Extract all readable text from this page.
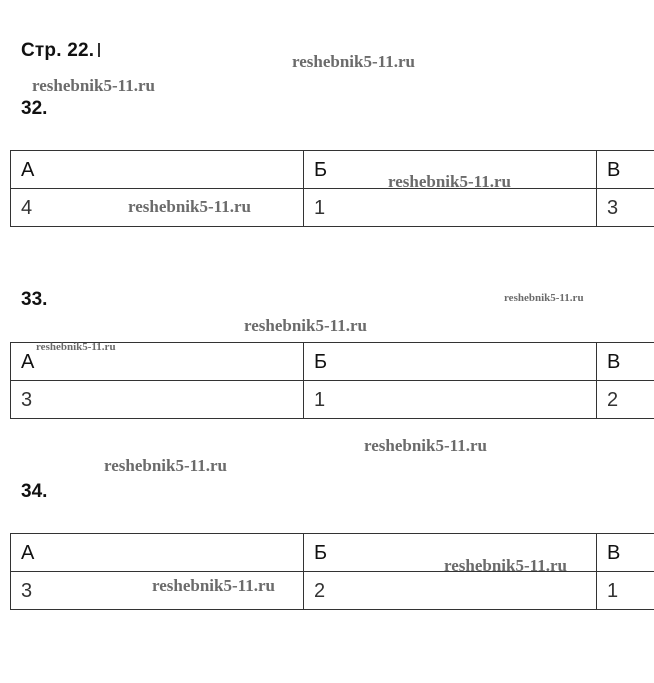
Стр. 22.
32.
А	Б	В
4	1	3
33.
А	Б	В
3	1	2
34.
А	Б	В
3	2	1
reshebnik5-11.ru
reshebnik5-11.ru
reshebnik5-11.ru
reshebnik5-11.ru
reshebnik5-11.ru
reshebnik5-11.ru
reshebnik5-11.ru
reshebnik5-11.ru
reshebnik5-11.ru
reshebnik5-11.ru
reshebnik5-11.ru
